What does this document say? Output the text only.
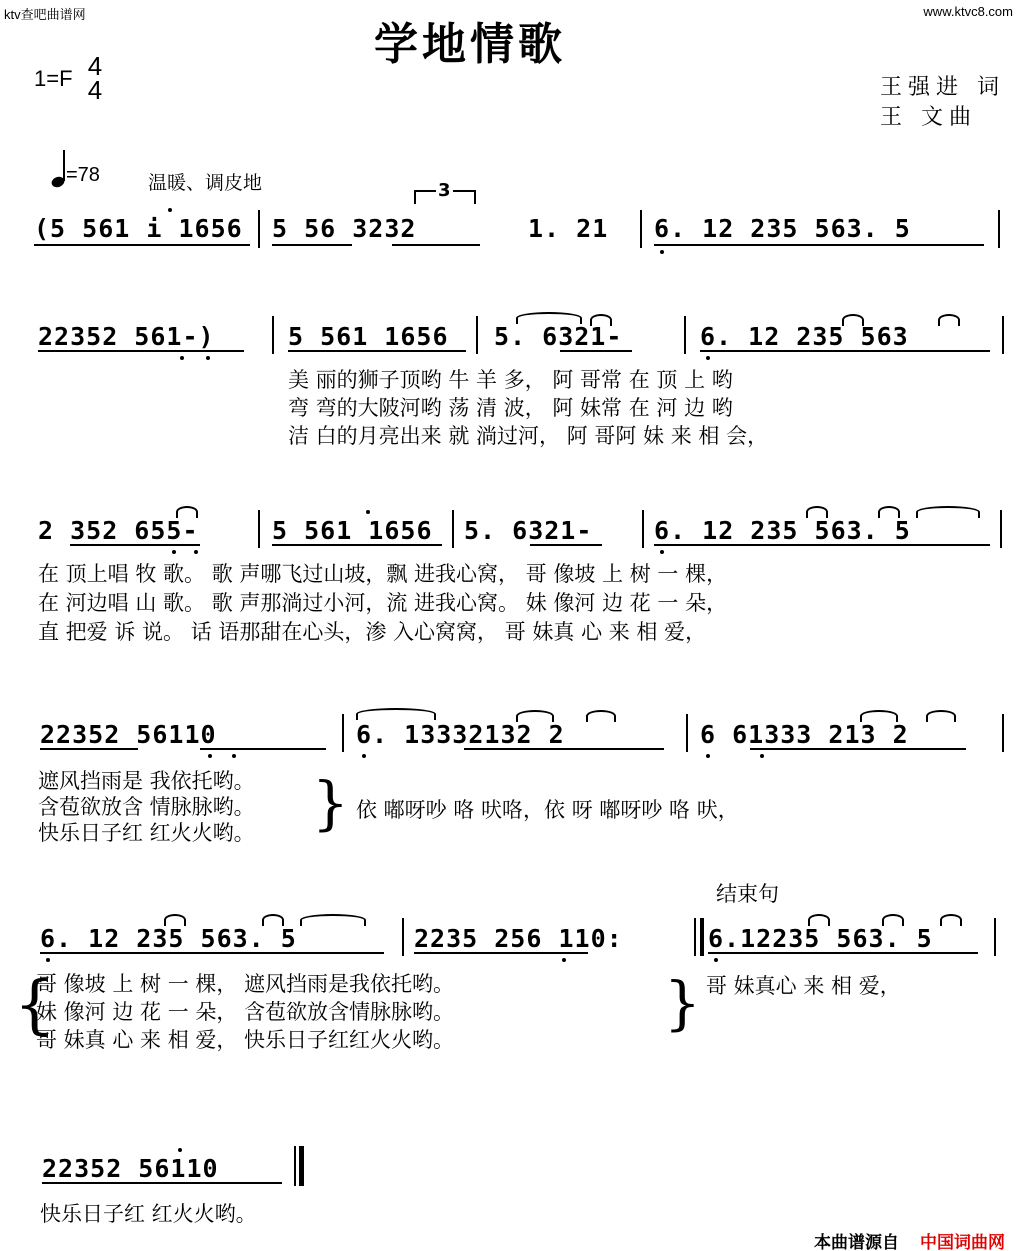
ktv查吧曲谱网	www.ktvc8.com
学地情歌
1=F 4
4	王强进 词
王 文曲
=78	温暖、调皮地	3
(5 561 i 1656 5 56 3232	1. 21 6. 12 235 563. 5
22352 561-)	5 561 1656 5. 6321-	6. 12 235 563
美 丽的狮子顶哟 牛 羊 多， 阿 哥常 在 顶 上 哟
弯 弯的大陂河哟 荡 清 波， 阿 妹常 在 河 边 哟
洁 白的月亮出来 就 淌过河， 阿 哥阿 妹 来 相 会，
2 352 655-	5 561 1656 5. 6321- 6. 12 235 563. 5
在 顶上唱 牧 歌。 歌 声哪飞过山坡，飘 进我心窝， 哥 像坡 上 树 一 棵，
在 河边唱 山 歌。 歌 声那淌过小河，流 进我心窝。 妹 像河 边 花 一 朵，
直 把爱 诉 说。 话 语那甜在心头，渗 入心窝窝， 哥 妹真 心 来 相 爱，
22352 56110	6. 13332132 2	6 61333 213 2
遮风挡雨是 我依托哟。
含苞欲放含 情脉脉哟。
快乐日子红 红火火哟。 } 依 嘟呀吵 咯 吠咯，依 呀 嘟呀吵 咯 吠，
结束句
6. 12 235 563. 5	2235 256 110:	6.12235 563. 5
{
哥 像坡 上 树 一 棵， 遮风挡雨是我依托哟。
妹 像河 边 花 一 朵， 含苞欲放含情脉脉哟。
哥 妹真 心 来 相 爱， 快乐日子红红火火哟。
} 哥 妹真心 来 相 爱，
22352 56110
快乐日子红 红火火哟。
本曲谱源自 中国词曲网
